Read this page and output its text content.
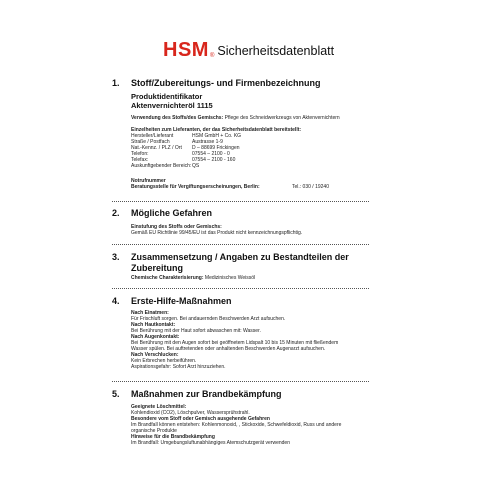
HSM ® Sicherheitsdatenblatt
1. Stoff/Zubereitungs- und Firmenbezeichnung
Produktidentifikator
Aktenvernichteröl 1115
Verwendung des Stoffs/des Gemischs: Pflege des Schneidwerkzeugs von Aktenvernichtern
Einzelheiten zum Lieferanten, der das Sicherheitsdatenblatt bereitstellt:
Hersteller/Lieferant	HSM GmbH + Co. KG
Straße / Postfach	Austrasse 1-9
Nat.-Kennz. / PLZ / Ort D – 88699 Frickingen
Telefon:	07554 – 2100 - 0
Telefax:	07554 – 2100 - 160
Auskunftgebender Bereich: QS
Notrufnummer
Beratungsstelle für Vergiftungserscheinungen, Berlin:	Tel.: 030 / 19240
2. Mögliche Gefahren
Einstufung des Stoffs oder Gemischs:
Gemäß EU Richtlinie 99/45/EU ist das Produkt nicht kennzeichnungspflichtig.
3. Zusammensetzung / Angaben zu Bestandteilen der Zubereitung
Chemische Charakterisierung: Medizinisches Weissöl
4. Erste-Hilfe-Maßnahmen
Nach Einatmen:
Für Frischluft sorgen. Bei andauernden Beschwerden Arzt aufsuchen.
Nach Hautkontakt:
Bei Berührung mit der Haut sofort abwaschen mit: Wasser.
Nach Augenkontakt:
Bei Berührung mit den Augen sofort bei geöffnetem Lidspalt 10 bis 15 Minuten mit fließendem
Wasser spülen. Bei auftretenden oder anhaltenden Beschwerden Augenarzt aufsuchen.
Nach Verschlucken:
Kein Erbrechen herbeiführen.
Aspirationsgefahr: Sofort Arzt hinzuziehen.
5. Maßnahmen zur Brandbekämpfung
Geeignete Löschmittel:
Kohlendioxid (CO2), Löschpulver, Wassersprühstrahl.
Besondere vom Stoff oder Gemisch ausgehende Gefahren
Im Brandfall können entstehen: Kohlenmonoxid, , Stickoxide, Schwefeldioxid, Russ und andere
organische Produkte
Hinweise für die Brandbekämpfung
Im Brandfall: Umgebungsluftunabhängiges Atemschutzgerät verwenden
